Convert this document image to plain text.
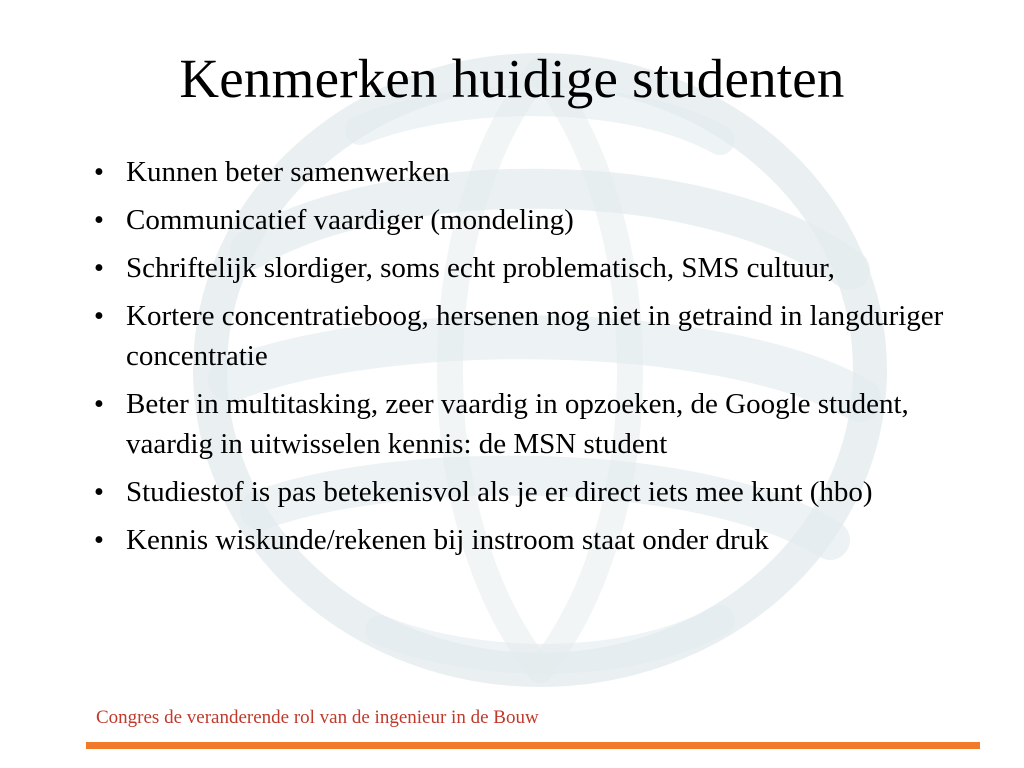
Kenmerken huidige studenten
• Kunnen beter samenwerken
• Communicatief vaardiger (mondeling)
• Schriftelijk slordiger, soms echt problematisch, SMS cultuur,
• Kortere concentratieboog, hersenen nog niet in getraind in langduriger concentratie
• Beter in multitasking, zeer vaardig in opzoeken, de Google student, vaardig in uitwisselen kennis: de MSN student
• Studiestof is pas betekenisvol als je er direct iets mee kunt (hbo)
• Kennis wiskunde/rekenen bij instroom staat onder druk
Congres de veranderende rol van de ingenieur in de Bouw
